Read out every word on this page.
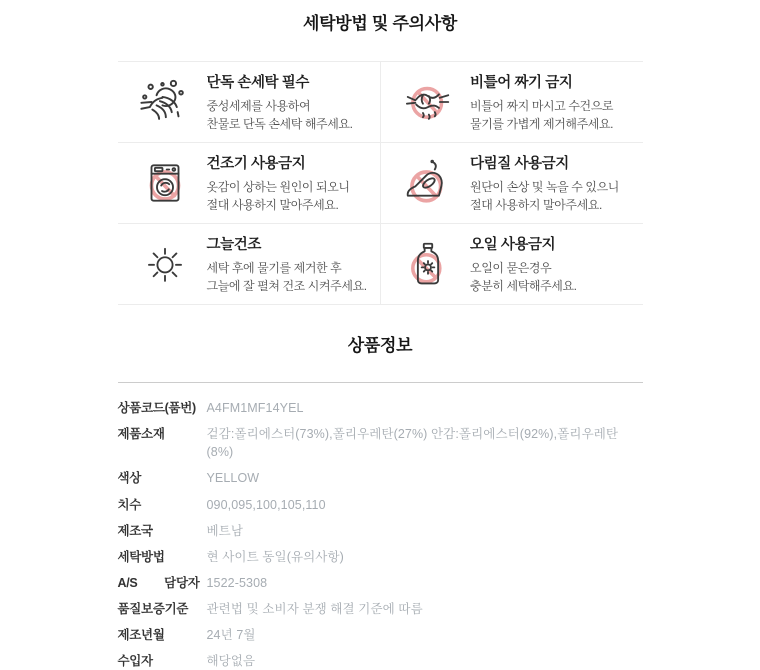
세탁방법 및 주의사항
단독 손세탁 필수
중성세제를 사용하여
찬물로 단독 손세탁 해주세요.
비틀어 짜기 금지
비틀어 짜지 마시고 수건으로
물기를 가볍게 제거해주세요.
건조기 사용금지
옷감이 상하는 원인이 되오니
절대 사용하지 말아주세요.
다림질 사용금지
원단이 손상 및 녹을 수 있으니
절대 사용하지 말아주세요.
그늘건조
세탁 후에 물기를 제거한 후
그늘에 잘 펼쳐 건조 시켜주세요.
오일 사용금지
오일이 묻은경우
충분히 세탁해주세요.
상품정보
상품코드(품번) A4FM1MF14YEL
제품소재	겉감:폴리에스터(73%),폴리우레탄(27%) 안감:폴리에스터(92%),폴리우레탄(8%)
색상	YELLOW
치수	090,095,100,105,110
제조국	베트남
세탁방법	현 사이트 동일(유의사항)
A/S 담당자 1522-5308
품질보증기준	관련법 및 소비자 분쟁 해결 기준에 따름
제조년월	24년 7월
수입자	해당없음
